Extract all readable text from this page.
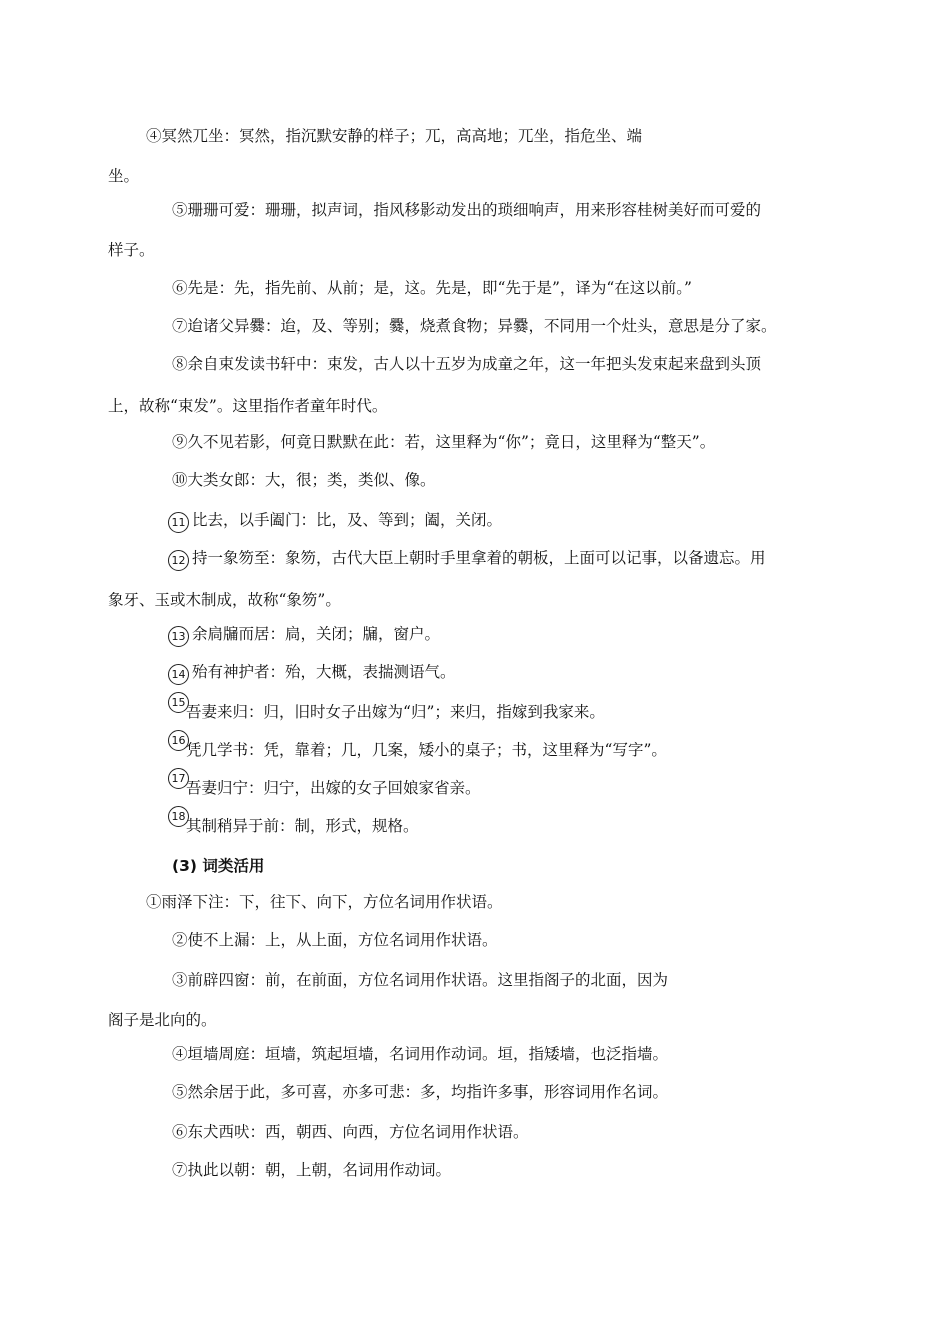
④冥然兀坐：冥然，指沉默安静的样子；兀，高高地；兀坐，指危坐、端
坐。
⑤珊珊可爱：珊珊，拟声词，指风移影动发出的琐细响声，用来形容桂树美好而可爱的
样子。
⑥先是：先，指先前、从前；是，这。先是，即“先于是”，译为“在这以前。”
⑦迨诸父异爨：迨，及、等别；爨，烧煮食物；异爨，不同用一个灶头，意思是分了家。
⑧余自束发读书轩中：束发，古人以十五岁为成童之年，这一年把头发束起来盘到头顶
上，故称“束发”。这里指作者童年时代。
⑨久不见若影，何竟日默默在此：若，这里释为“你”；竟日，这里释为“整天”。
⑩大类女郎：大，很；类，类似、像。
11 比去，以手阖门：比，及、等到；阖，关闭。
12 持一象笏至：象笏，古代大臣上朝时手里拿着的朝板，上面可以记事，以备遗忘。用
象牙、玉或木制成，故称“象笏”。
13 余扃牖而居：扃，关闭；牖，窗户。
14 殆有神护者：殆，大概，表揣测语气。
15
吾妻来归：归，旧时女子出嫁为“归”；来归，指嫁到我家来。
16
凭几学书：凭，靠着；几，几案，矮小的桌子；书，这里释为“写字”。
17
吾妻归宁：归宁，出嫁的女子回娘家省亲。
18
其制稍异于前：制，形式，规格。
(3) 词类活用
①雨泽下注：下，往下、向下，方位名词用作状语。
②使不上漏：上，从上面，方位名词用作状语。
③前辟四窗：前，在前面，方位名词用作状语。这里指阁子的北面，因为
阁子是北向的。
④垣墙周庭：垣墙，筑起垣墙，名词用作动词。垣，指矮墙，也泛指墙。
⑤然余居于此，多可喜，亦多可悲：多，均指许多事，形容词用作名词。
⑥东犬西吠：西，朝西、向西，方位名词用作状语。
⑦执此以朝：朝，上朝，名词用作动词。
